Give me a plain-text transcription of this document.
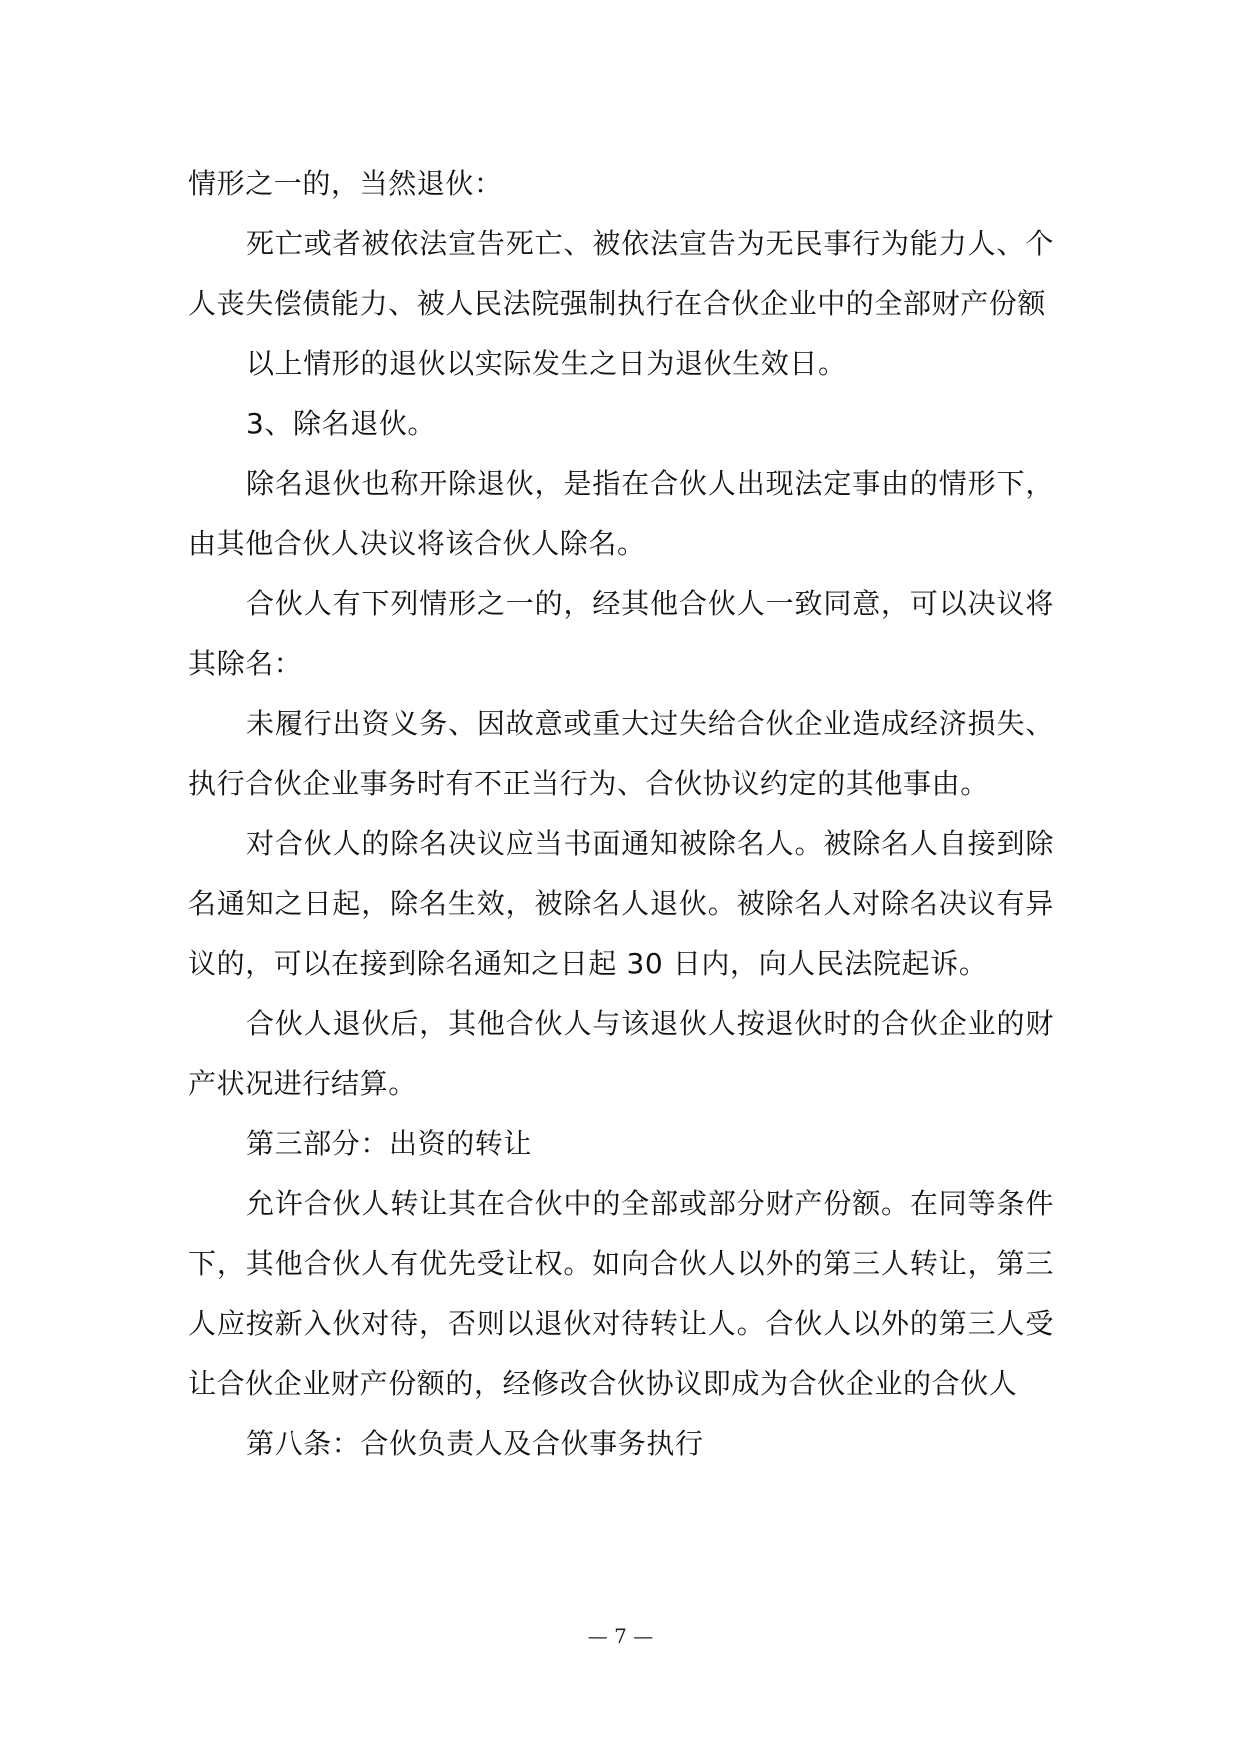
情形之一的，当然退伙：

死亡或者被依法宣告死亡、被依法宣告为无民事行为能力人、个人丧失偿债能力、被人民法院强制执行在合伙企业中的全部财产份额

以上情形的退伙以实际发生之日为退伙生效日。

3、除名退伙。

除名退伙也称开除退伙，是指在合伙人出现法定事由的情形下，由其他合伙人决议将该合伙人除名。

合伙人有下列情形之一的，经其他合伙人一致同意，可以决议将其除名：

未履行出资义务、因故意或重大过失给合伙企业造成经济损失、执行合伙企业事务时有不正当行为、合伙协议约定的其他事由。

对合伙人的除名决议应当书面通知被除名人。被除名人自接到除名通知之日起，除名生效，被除名人退伙。被除名人对除名决议有异议的，可以在接到除名通知之日起 30 日内，向人民法院起诉。

合伙人退伙后，其他合伙人与该退伙人按退伙时的合伙企业的财产状况进行结算。

第三部分：出资的转让

允许合伙人转让其在合伙中的全部或部分财产份额。在同等条件下，其他合伙人有优先受让权。如向合伙人以外的第三人转让，第三人应按新入伙对待，否则以退伙对待转让人。合伙人以外的第三人受让合伙企业财产份额的，经修改合伙协议即成为合伙企业的合伙人

第八条：合伙负责人及合伙事务执行

— 7 —
